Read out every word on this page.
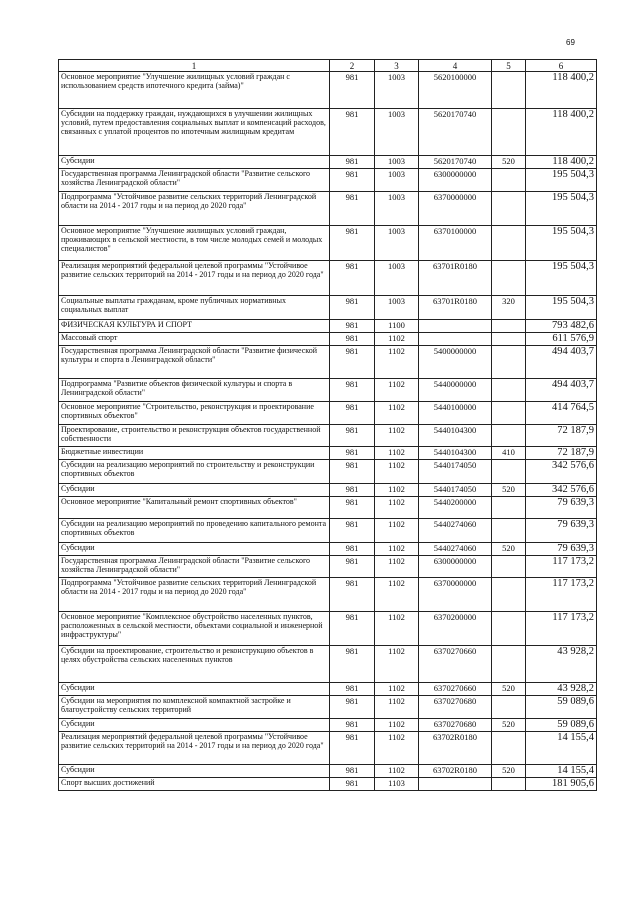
69
1	2	3	4	5	6
Основное мероприятие "Улучшение жилищных условий граждан с использованием средств ипотечного кредита (займа)"	981	1003	5620100000		118 400,2
Субсидии на поддержку граждан, нуждающихся в улучшении жилищных условий, путем предоставления социальных выплат и компенсаций расходов, связанных с уплатой процентов по ипотечным жилищным кредитам	981	1003	5620170740		118 400,2
Субсидии	981	1003	5620170740	520	118 400,2
Государственная программа Ленинградской области "Развитие сельского хозяйства Ленинградской области"	981	1003	6300000000		195 504,3
Подпрограмма "Устойчивое развитие сельских территорий Ленинградской области на 2014 - 2017 годы и на период до 2020 года"	981	1003	6370000000		195 504,3
Основное мероприятие "Улучшение жилищных условий граждан, проживающих в сельской местности, в том числе молодых семей и молодых специалистов"	981	1003	6370100000		195 504,3
Реализация мероприятий федеральной целевой программы "Устойчивое развитие сельских территорий на 2014 - 2017 годы и на период до 2020 года"	981	1003	63701R0180		195 504,3
Социальные выплаты гражданам, кроме публичных нормативных социальных выплат	981	1003	63701R0180	320	195 504,3
ФИЗИЧЕСКАЯ КУЛЬТУРА И СПОРТ	981	1100			793 482,6
Массовый спорт	981	1102			611 576,9
Государственная программа Ленинградской области "Развитие физической культуры и спорта в Ленинградской области"	981	1102	5400000000		494 403,7
Подпрограмма "Развитие объектов физической культуры и спорта в Ленинградской области"	981	1102	5440000000		494 403,7
Основное мероприятие "Строительство, реконструкция и проектирование спортивных объектов"	981	1102	5440100000		414 764,5
Проектирование, строительство и реконструкция объектов государственной собственности	981	1102	5440104300		72 187,9
Бюджетные инвестиции	981	1102	5440104300	410	72 187,9
Субсидии на реализацию мероприятий по строительству и реконструкции спортивных объектов	981	1102	5440174050		342 576,6
Субсидии	981	1102	5440174050	520	342 576,6
Основное мероприятие "Капитальный ремонт спортивных объектов"	981	1102	5440200000		79 639,3
Субсидии на реализацию мероприятий по проведению капитального ремонта спортивных объектов	981	1102	5440274060		79 639,3
Субсидии	981	1102	5440274060	520	79 639,3
Государственная программа Ленинградской области "Развитие сельского хозяйства Ленинградской области"	981	1102	6300000000		117 173,2
Подпрограмма "Устойчивое развитие сельских территорий Ленинградской области на 2014 - 2017 годы и на период до 2020 года"	981	1102	6370000000		117 173,2
Основное мероприятие "Комплексное обустройство населенных пунктов, расположенных в сельской местности, объектами социальной и инженерной инфраструктуры"	981	1102	6370200000		117 173,2
Субсидии на проектирование, строительство и реконструкцию объектов в целях обустройства сельских населенных пунктов	981	1102	6370270660		43 928,2
Субсидии	981	1102	6370270660	520	43 928,2
Субсидии на мероприятия по комплексной компактной застройке и благоустройству сельских территорий	981	1102	6370270680		59 089,6
Субсидии	981	1102	6370270680	520	59 089,6
Реализация мероприятий федеральной целевой программы "Устойчивое развитие сельских территорий на 2014 - 2017 годы и на период до 2020 года"	981	1102	63702R0180		14 155,4
Субсидии	981	1102	63702R0180	520	14 155,4
Спорт высших достижений	981	1103			181 905,6
